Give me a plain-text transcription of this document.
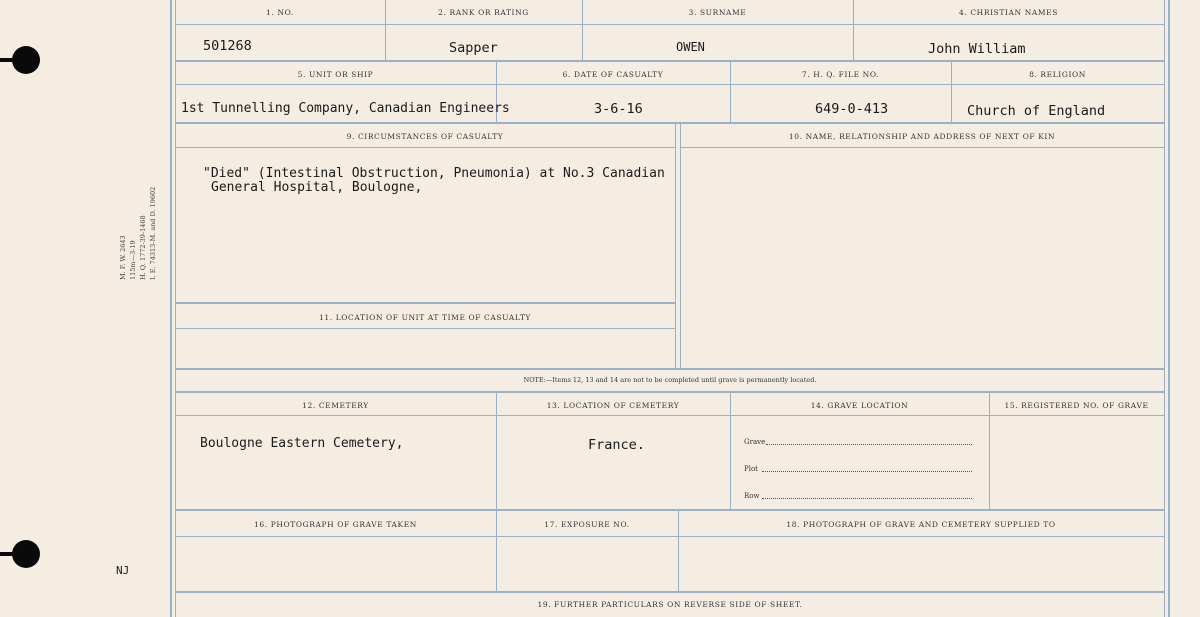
M. F. W. 2643 115m—3-19 H. Q. 1772-39-1468 I. E. 74313-M. and D. 19602
NJ
1. NO.	2. RANK OR RATING	3. SURNAME	4. CHRISTIAN NAMES
501268	Sapper	OWEN	John William
5. UNIT OR SHIP	6. DATE OF CASUALTY	7. H. Q. FILE NO.	8. RELIGION
1st Tunnelling Company, Canadian Engineers	3-6-16	649-0-413	Church of England
9. CIRCUMSTANCES OF CASUALTY	10. NAME, RELATIONSHIP AND ADDRESS OF NEXT OF KIN
"Died" (Intestinal Obstruction, Pneumonia) at No.3 Canadian
General Hospital, Boulogne,
11. LOCATION OF UNIT AT TIME OF CASUALTY
NOTE:—Items 12, 13 and 14 are not to be completed until grave is permanently located.
12. CEMETERY	13. LOCATION OF CEMETERY	14. GRAVE LOCATION	15. REGISTERED NO. OF GRAVE
Boulogne Eastern Cemetery,	France.	Grave
Plot
Row
16. PHOTOGRAPH OF GRAVE TAKEN	17. EXPOSURE NO.	18. PHOTOGRAPH OF GRAVE AND CEMETERY SUPPLIED TO
19. FURTHER PARTICULARS ON REVERSE SIDE OF SHEET.
